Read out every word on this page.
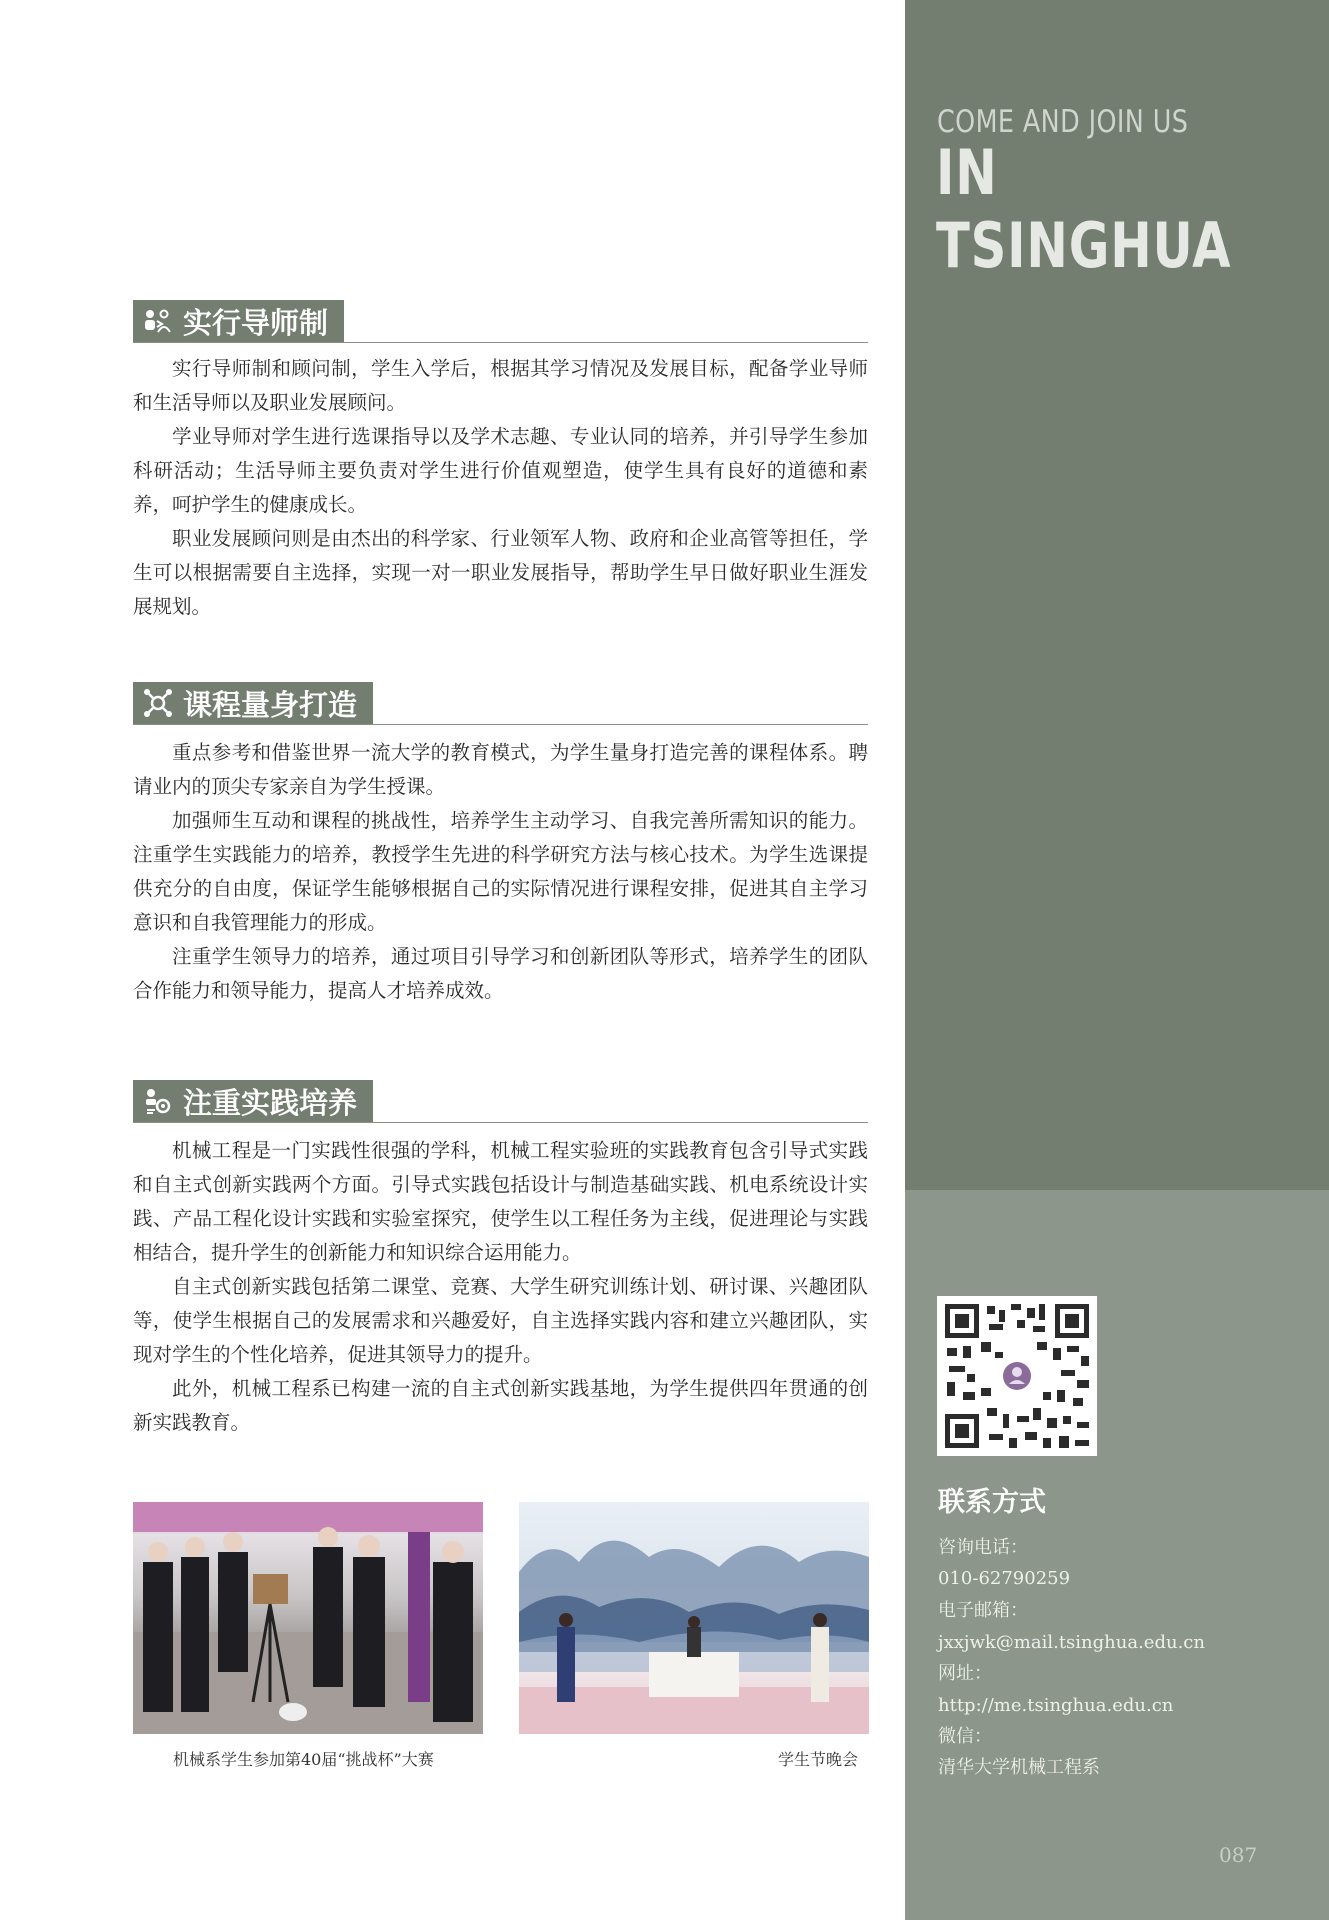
COME AND JOIN US
IN TSINGHUA
实行导师制

实行导师制和顾问制，学生入学后，根据其学习情况及发展目标，配备学业导师和生活导师以及职业发展顾问。

学业导师对学生进行选课指导以及学术志趣、专业认同的培养，并引导学生参加科研活动；生活导师主要负责对学生进行价值观塑造，使学生具有良好的道德和素养，呵护学生的健康成长。

职业发展顾问则是由杰出的科学家、行业领军人物、政府和企业高管等担任，学生可以根据需要自主选择，实现一对一职业发展指导，帮助学生早日做好职业生涯发展规划。

课程量身打造

重点参考和借鉴世界一流大学的教育模式，为学生量身打造完善的课程体系。聘请业内的顶尖专家亲自为学生授课。

加强师生互动和课程的挑战性，培养学生主动学习、自我完善所需知识的能力。注重学生实践能力的培养，教授学生先进的科学研究方法与核心技术。为学生选课提供充分的自由度，保证学生能够根据自己的实际情况进行课程安排，促进其自主学习意识和自我管理能力的形成。

注重学生领导力的培养，通过项目引导学习和创新团队等形式，培养学生的团队合作能力和领导能力，提高人才培养成效。

注重实践培养

机械工程是一门实践性很强的学科，机械工程实验班的实践教育包含引导式实践和自主式创新实践两个方面。引导式实践包括设计与制造基础实践、机电系统设计实践、产品工程化设计实践和实验室探究，使学生以工程任务为主线，促进理论与实践相结合，提升学生的创新能力和知识综合运用能力。

自主式创新实践包括第二课堂、竞赛、大学生研究训练计划、研讨课、兴趣团队等，使学生根据自己的发展需求和兴趣爱好，自主选择实践内容和建立兴趣团队，实现对学生的个性化培养，促进其领导力的提升。

此外，机械工程系已构建一流的自主式创新实践基地，为学生提供四年贯通的创新实践教育。

机械系学生参加第40届“挑战杯”大赛	学生节晚会
联系方式
咨询电话：
010-62790259
电子邮箱：
jxxjwk@mail.tsinghua.edu.cn
网址：
http://me.tsinghua.edu.cn
微信：
清华大学机械工程系
087
